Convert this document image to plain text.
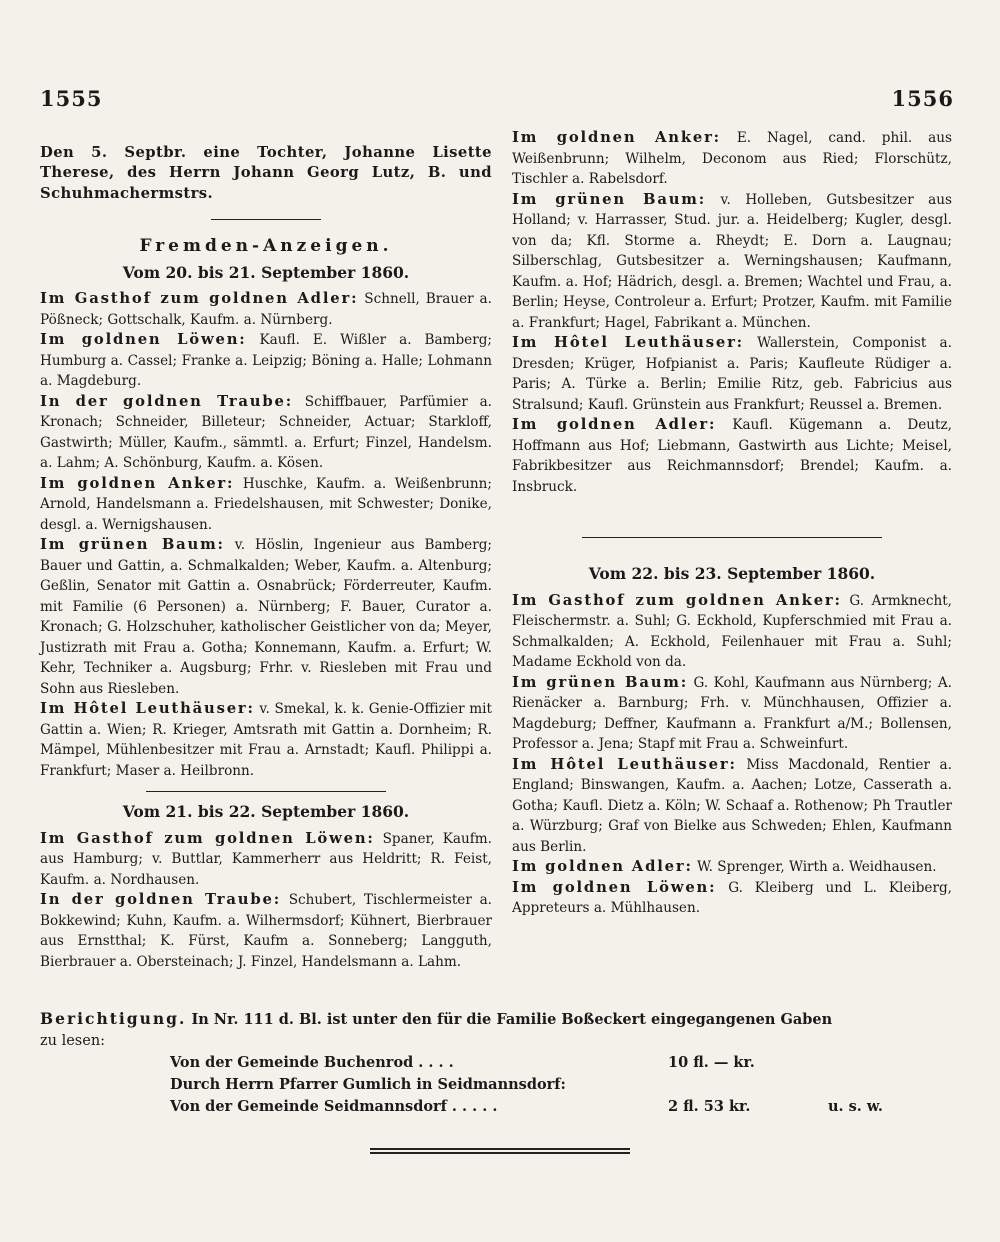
1555	1556

Den 5. Septbr. eine Tochter, Johanne Lisette Therese, des Herrn Johann Georg Lutz, B. und Schuhmachermstrs.

Fremden-Anzeigen.
Vom 20. bis 21. September 1860.

Im Gasthof zum goldnen Adler: Schnell, Brauer a. Pößneck; Gottschalk, Kaufm. a. Nürnberg.

Im goldnen Löwen: Kaufl. E. Wißler a. Bamberg; Humburg a. Cassel; Franke a. Leipzig; Böning a. Halle; Lohmann a. Magdeburg.

In der goldnen Traube: Schiffbauer, Parfümier a. Kronach; Schneider, Billeteur; Schneider, Actuar; Starkloff, Gastwirth; Müller, Kaufm., sämmtl. a. Erfurt; Finzel, Handelsm. a. Lahm; A. Schönburg, Kaufm. a. Kösen.

Im goldnen Anker: Huschke, Kaufm. a. Weißenbrunn; Arnold, Handelsmann a. Friedelshausen, mit Schwester; Donike, desgl. a. Wernigshausen.

Im grünen Baum: v. Höslin, Ingenieur aus Bamberg; Bauer und Gattin, a. Schmalkalden; Weber, Kaufm. a. Altenburg; Geßlin, Senator mit Gattin a. Osnabrück; Förderreuter, Kaufm. mit Familie (6 Personen) a. Nürnberg; F. Bauer, Curator a. Kronach; G. Holzschuher, katholischer Geistlicher von da; Meyer, Justizrath mit Frau a. Gotha; Konnemann, Kaufm. a. Erfurt; W. Kehr, Techniker a. Augsburg; Frhr. v. Riesleben mit Frau und Sohn aus Riesleben.

Im Hôtel Leuthäuser: v. Smekal, k. k. Genie-Offizier mit Gattin a. Wien; R. Krieger, Amtsrath mit Gattin a. Dornheim; R. Mämpel, Mühlenbesitzer mit Frau a. Arnstadt; Kaufl. Philippi a. Frankfurt; Maser a. Heilbronn.

Vom 21. bis 22. September 1860.

Im Gasthof zum goldnen Löwen: Spaner, Kaufm. aus Hamburg; v. Buttlar, Kammerherr aus Heldritt; R. Feist, Kaufm. a. Nordhausen.

In der goldnen Traube: Schubert, Tischlermeister a. Bokkewind; Kuhn, Kaufm. a. Wilhermsdorf; Kühnert, Bierbrauer aus Ernstthal; K. Fürst, Kaufm a. Sonneberg; Langguth, Bierbrauer a. Obersteinach; J. Finzel, Handelsmann a. Lahm.

Im goldnen Anker: E. Nagel, cand. phil. aus Weißenbrunn; Wilhelm, Deconom aus Ried; Florschütz, Tischler a. Rabelsdorf.

Im grünen Baum: v. Holleben, Gutsbesitzer aus Holland; v. Harrasser, Stud. jur. a. Heidelberg; Kugler, desgl. von da; Kfl. Storme a. Rheydt; E. Dorn a. Laugnau; Silberschlag, Gutsbesitzer a. Werningshausen; Kaufmann, Kaufm. a. Hof; Hädrich, desgl. a. Bremen; Wachtel und Frau, a. Berlin; Heyse, Controleur a. Erfurt; Protzer, Kaufm. mit Familie a. Frankfurt; Hagel, Fabrikant a. München.

Im Hôtel Leuthäuser: Wallerstein, Componist a. Dresden; Krüger, Hofpianist a. Paris; Kaufleute Rüdiger a. Paris; A. Türke a. Berlin; Emilie Ritz, geb. Fabricius aus Stralsund; Kaufl. Grünstein aus Frankfurt; Reussel a. Bremen.

Im goldnen Adler: Kaufl. Kügemann a. Deutz, Hoffmann aus Hof; Liebmann, Gastwirth aus Lichte; Meisel, Fabrikbesitzer aus Reichmannsdorf; Brendel; Kaufm. a. Insbruck.

Vom 22. bis 23. September 1860.

Im Gasthof zum goldnen Anker: G. Armknecht, Fleischermstr. a. Suhl; G. Eckhold, Kupferschmied mit Frau a. Schmalkalden; A. Eckhold, Feilenhauer mit Frau a. Suhl; Madame Eckhold von da.

Im grünen Baum: G. Kohl, Kaufmann aus Nürnberg; A. Rienäcker a. Barnburg; Frh. v. Münchhausen, Offizier a. Magdeburg; Deffner, Kaufmann a. Frankfurt a/M.; Bollensen, Professor a. Jena; Stapf mit Frau a. Schweinfurt.

Im Hôtel Leuthäuser: Miss Macdonald, Rentier a. England; Binswangen, Kaufm. a. Aachen; Lotze, Casserath a. Gotha; Kaufl. Dietz a. Köln; W. Schaaf a. Rothenow; Ph Trautler a. Würzburg; Graf von Bielke aus Schweden; Ehlen, Kaufmann aus Berlin.

Im goldnen Adler: W. Sprenger, Wirth a. Weidhausen.

Im goldnen Löwen: G. Kleiberg und L. Kleiberg, Appreteurs a. Mühlhausen.

Berichtigung. In Nr. 111 d. Bl. ist unter den für die Familie Boßeckert eingegangenen Gaben
zu lesen:
Von der Gemeinde Buchenrod . . . .	10 fl. — kr.
Durch Herrn Pfarrer Gumlich in Seidmannsdorf:
Von der Gemeinde Seidmannsdorf . . . . .	2 fl. 53 kr.	u. s. w.
